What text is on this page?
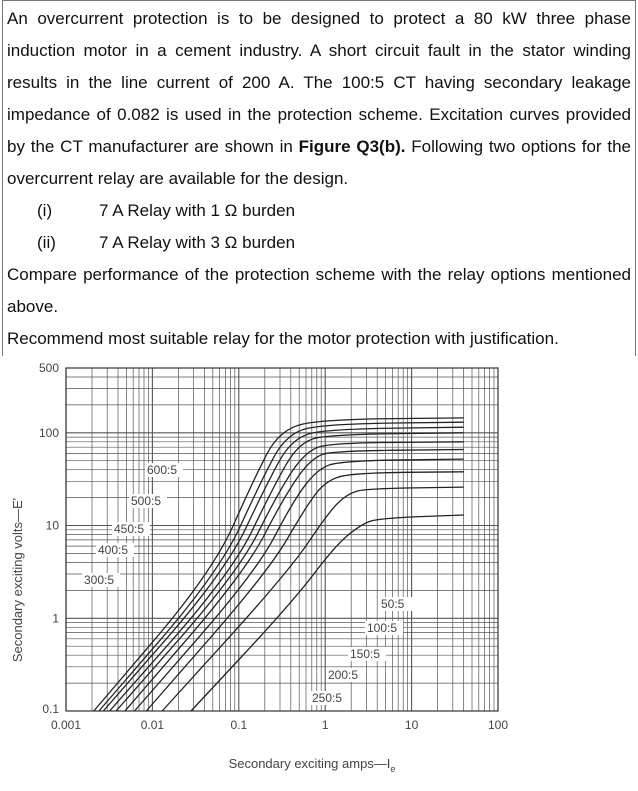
An overcurrent protection is to be designed to protect a 80 kW three phase induction motor in a cement industry. A short circuit fault in the stator winding results in the line current of 200 A. The 100:5 CT having secondary leakage impedance of 0.082 is used in the protection scheme. Excitation curves provided by the CT manufacturer are shown in Figure Q3(b). Following two options for the overcurrent relay are available for the design.

(i)	7 A Relay with 1 Ω burden
(ii)	7 A Relay with 3 Ω burden

Compare performance of the protection scheme with the relay options mentioned above.

Recommend most suitable relay for the motor protection with justification.

50:5
100:5
150:5
200:5
250:5
300:5
400:5
450:5
500:5
600:5
0.001	0.01	0.1	1	10	100
0.1
1
10
100
500
Secondary exciting $amps—I_e$
Secondary exciting volts—E'
